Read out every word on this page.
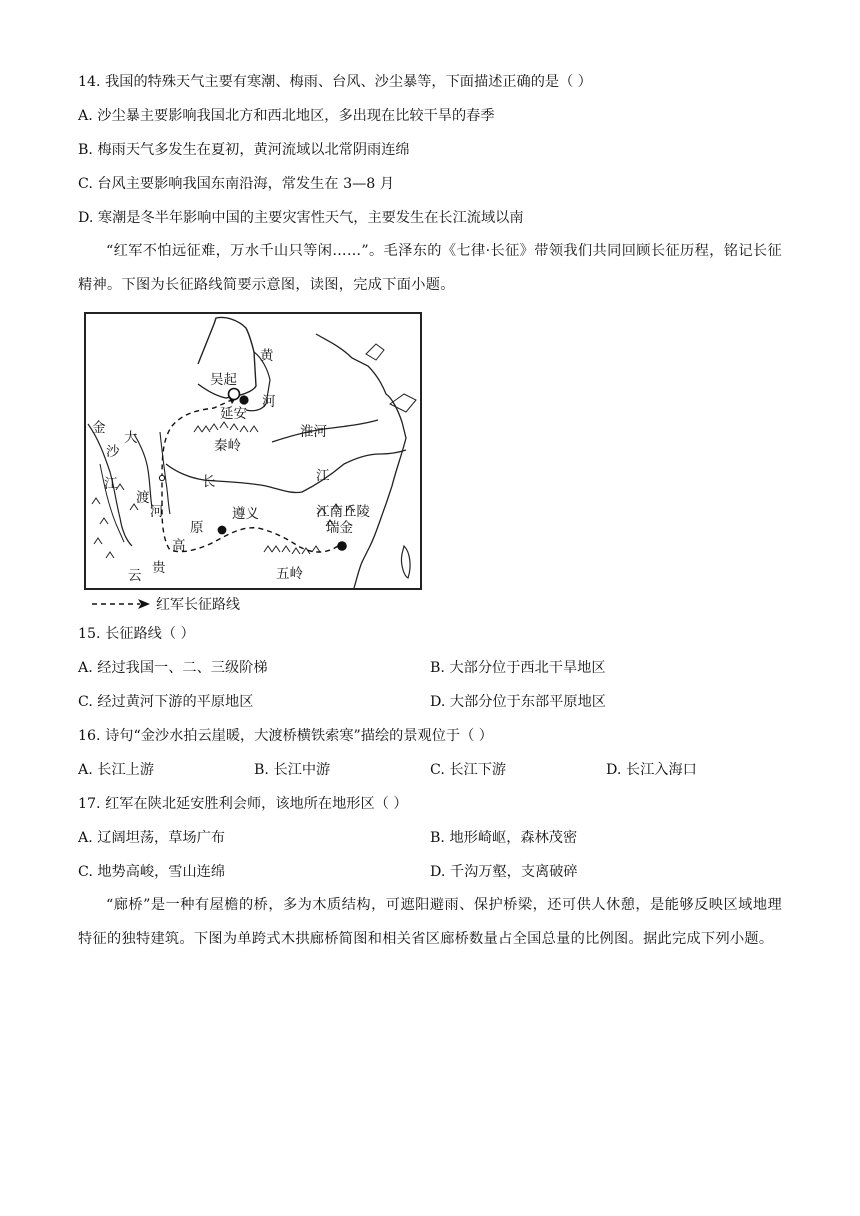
14. 我国的特殊天气主要有寒潮、梅雨、台风、沙尘暴等，下面描述正确的是（ ）
A. 沙尘暴主要影响我国北方和西北地区，多出现在比较干旱的春季
B. 梅雨天气多发生在夏初，黄河流域以北常阴雨连绵
C. 台风主要影响我国东南沿海，常发生在 3—8 月
D. 寒潮是冬半年影响中国的主要灾害性天气，主要发生在长江流域以南
“红军不怕远征难，万水千山只等闲……”。毛泽东的《七律·长征》带领我们共同回顾长征历程，铭记长征精神。下图为长征路线简要示意图，读图，完成下面小题。
黄
河
吴起
延安
金
沙
大
江
渡
河
秦岭
淮河
长	江
遵义
原
高
贵
云
江南丘陵
瑞金
五岭
红军长征路线
15. 长征路线（ ）
A. 经过我国一、二、三级阶梯	B. 大部分位于西北干旱地区
C. 经过黄河下游的平原地区	D. 大部分位于东部平原地区
16. 诗句“金沙水拍云崖暖，大渡桥横铁索寒”描绘的景观位于（ ）
A. 长江上游	B. 长江中游	C. 长江下游	D. 长江入海口
17. 红军在陕北延安胜利会师，该地所在地形区（ ）
A. 辽阔坦荡，草场广布	B. 地形崎岖，森林茂密
C. 地势高峻，雪山连绵	D. 千沟万壑，支离破碎
“廊桥”是一种有屋檐的桥，多为木质结构，可遮阳避雨、保护桥梁，还可供人休憩，是能够反映区域地理特征的独特建筑。下图为单跨式木拱廊桥简图和相关省区廊桥数量占全国总量的比例图。据此完成下列小题。
